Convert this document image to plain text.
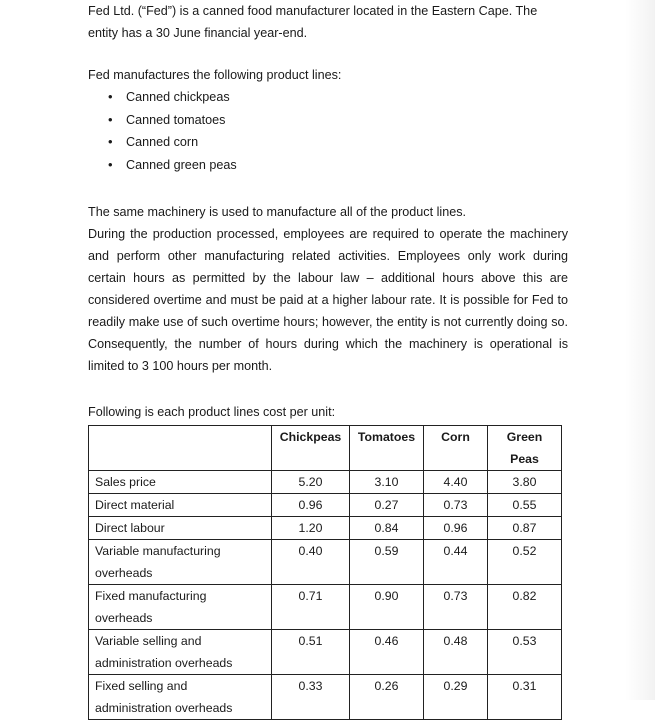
Fed Ltd. (“Fed”) is a canned food manufacturer located in the Eastern Cape. The entity has a 30 June financial year-end.

Fed manufactures the following product lines:

• Canned chickpeas
• Canned tomatoes
• Canned corn
• Canned green peas

The same machinery is used to manufacture all of the product lines.

During the production processed, employees are required to operate the machinery and perform other manufacturing related activities. Employees only work during certain hours as permitted by the labour law – additional hours above this are considered overtime and must be paid at a higher labour rate. It is possible for Fed to readily make use of such overtime hours; however, the entity is not currently doing so. Consequently, the number of hours during which the machinery is operational is limited to 3 100 hours per month.

Following is each product lines cost per unit:

	Chickpeas	Tomatoes	Corn	Green Peas
Sales price	5.20	3.10	4.40	3.80
Direct material	0.96	0.27	0.73	0.55
Direct labour	1.20	0.84	0.96	0.87
Variable manufacturing overheads	0.40	0.59	0.44	0.52
Fixed manufacturing overheads	0.71	0.90	0.73	0.82
Variable selling and administration overheads	0.51	0.46	0.48	0.53
Fixed selling and administration overheads	0.33	0.26	0.29	0.31
